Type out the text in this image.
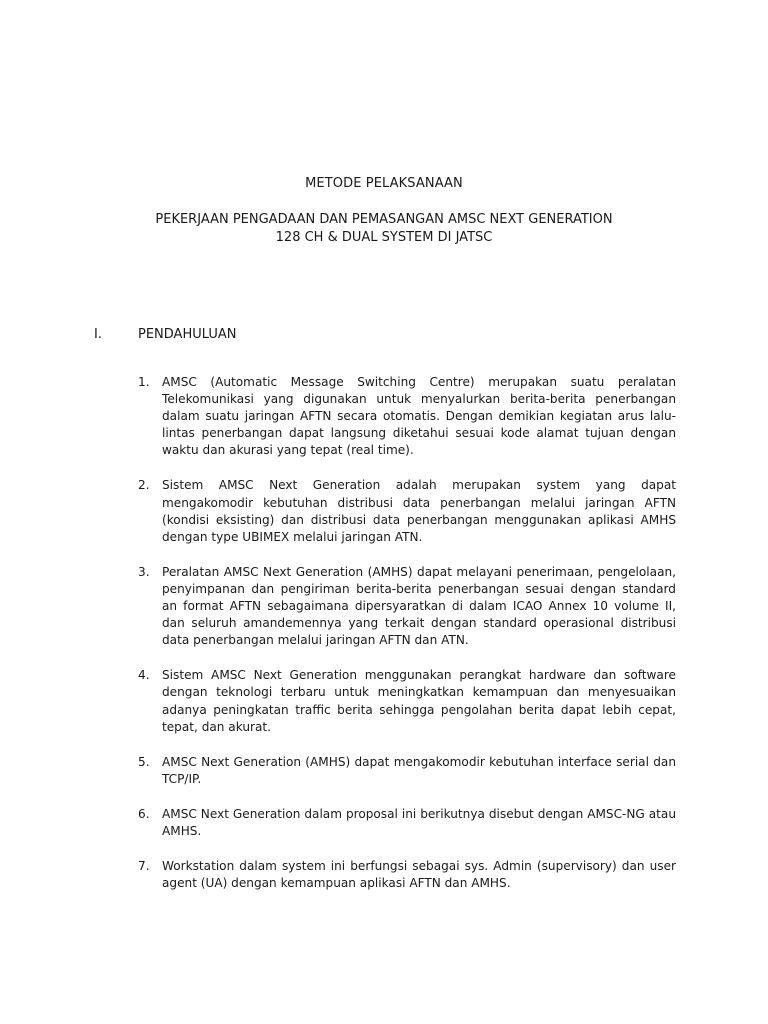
METODE PELAKSANAAN
PEKERJAAN PENGADAAN DAN PEMASANGAN AMSC NEXT GENERATION
128 CH & DUAL SYSTEM DI JATSC
I.	PENDAHULUAN
1. AMSC (Automatic Message Switching Centre) merupakan suatu peralatan Telekomunikasi yang digunakan untuk menyalurkan berita-berita penerbangan dalam suatu jaringan AFTN secara otomatis. Dengan demikian kegiatan arus lalu-lintas penerbangan dapat langsung diketahui sesuai kode alamat tujuan dengan waktu dan akurasi yang tepat (real time).
2. Sistem AMSC Next Generation adalah merupakan system yang dapat mengakomodir kebutuhan distribusi data penerbangan melalui jaringan AFTN (kondisi eksisting) dan distribusi data penerbangan menggunakan aplikasi AMHS dengan type UBIMEX melalui jaringan ATN.
3. Peralatan AMSC Next Generation (AMHS) dapat melayani penerimaan, pengelolaan, penyimpanan dan pengiriman berita-berita penerbangan sesuai dengan standard an format AFTN sebagaimana dipersyaratkan di dalam ICAO Annex 10 volume II, dan seluruh amandemennya yang terkait dengan standard operasional distribusi data penerbangan melalui jaringan AFTN dan ATN.
4. Sistem AMSC Next Generation menggunakan perangkat hardware dan software dengan teknologi terbaru untuk meningkatkan kemampuan dan menyesuaikan adanya peningkatan traffic berita sehingga pengolahan berita dapat lebih cepat, tepat, dan akurat.
5. AMSC Next Generation (AMHS) dapat mengakomodir kebutuhan interface serial dan TCP/IP.
6. AMSC Next Generation dalam proposal ini berikutnya disebut dengan AMSC-NG atau AMHS.
7. Workstation dalam system ini berfungsi sebagai sys. Admin (supervisory) dan user agent (UA) dengan kemampuan aplikasi AFTN dan AMHS.
